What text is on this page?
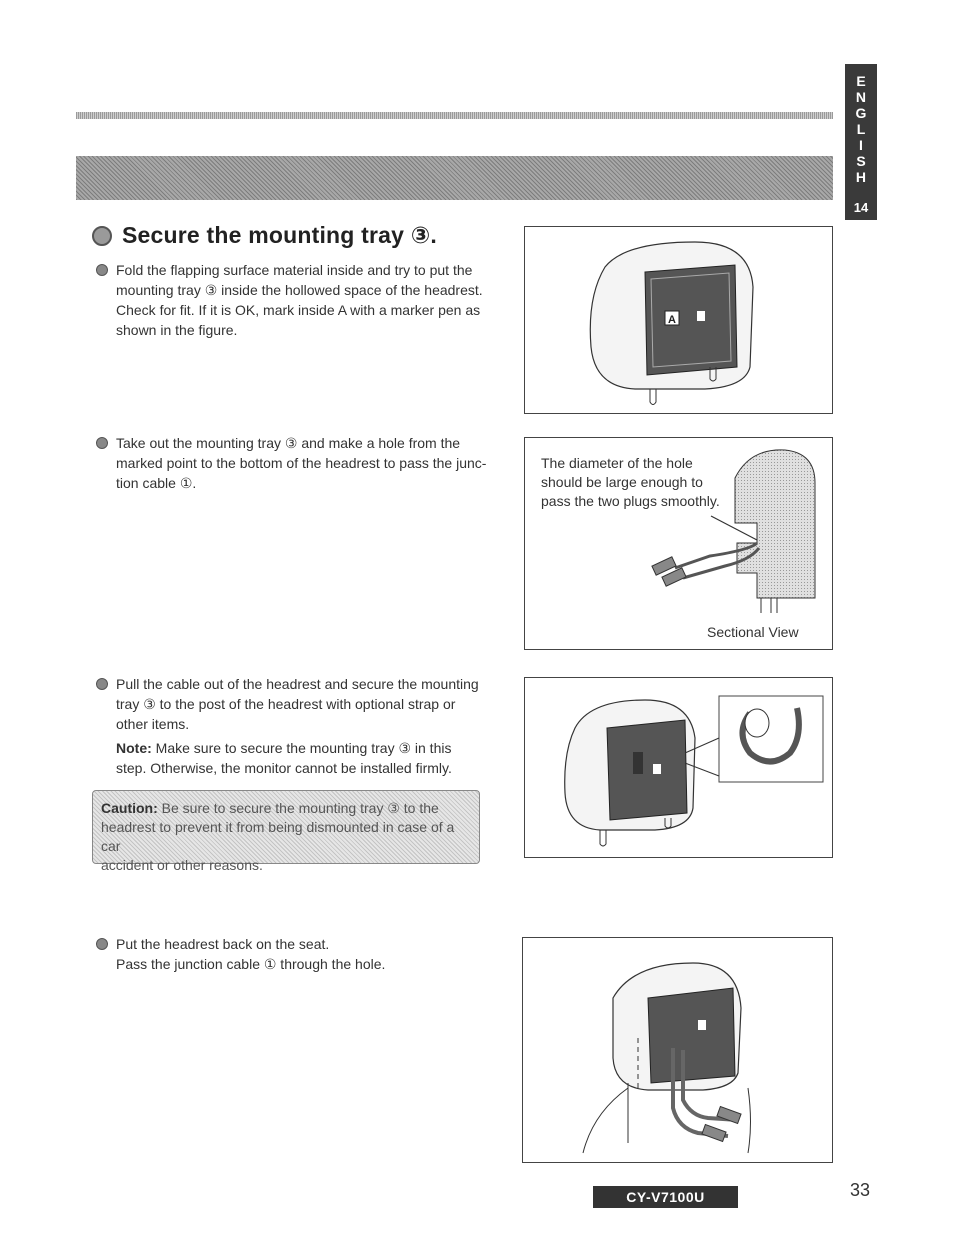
E
N
G
L
I
S
H
14
Secure the mounting tray ③.

Fold the flapping surface material inside and try to put the

mounting tray ③ inside the hollowed space of the headrest.

Check for fit. If it is OK, mark inside A with a marker pen as

shown in the figure.

Take out the mounting tray ③ and make a hole from the

marked point to the bottom of the headrest to pass the junc-

tion cable ①.

Pull the cable out of the headrest and secure the mounting

tray ③ to the post of the headrest with optional strap or

other items.

Note: Make sure to secure the mounting tray ③ in this

step. Otherwise, the monitor cannot be installed firmly.

Caution: Be sure to secure the mounting tray ③ to the
headrest to prevent it from being dismounted in case of a car
accident or other reasons.

Put the headrest back on the seat.

Pass the junction cable ① through the hole.

A
The diameter of the hole
should be large enough to
pass the two plugs smoothly.
Sectional View
CY-V7100U	33
